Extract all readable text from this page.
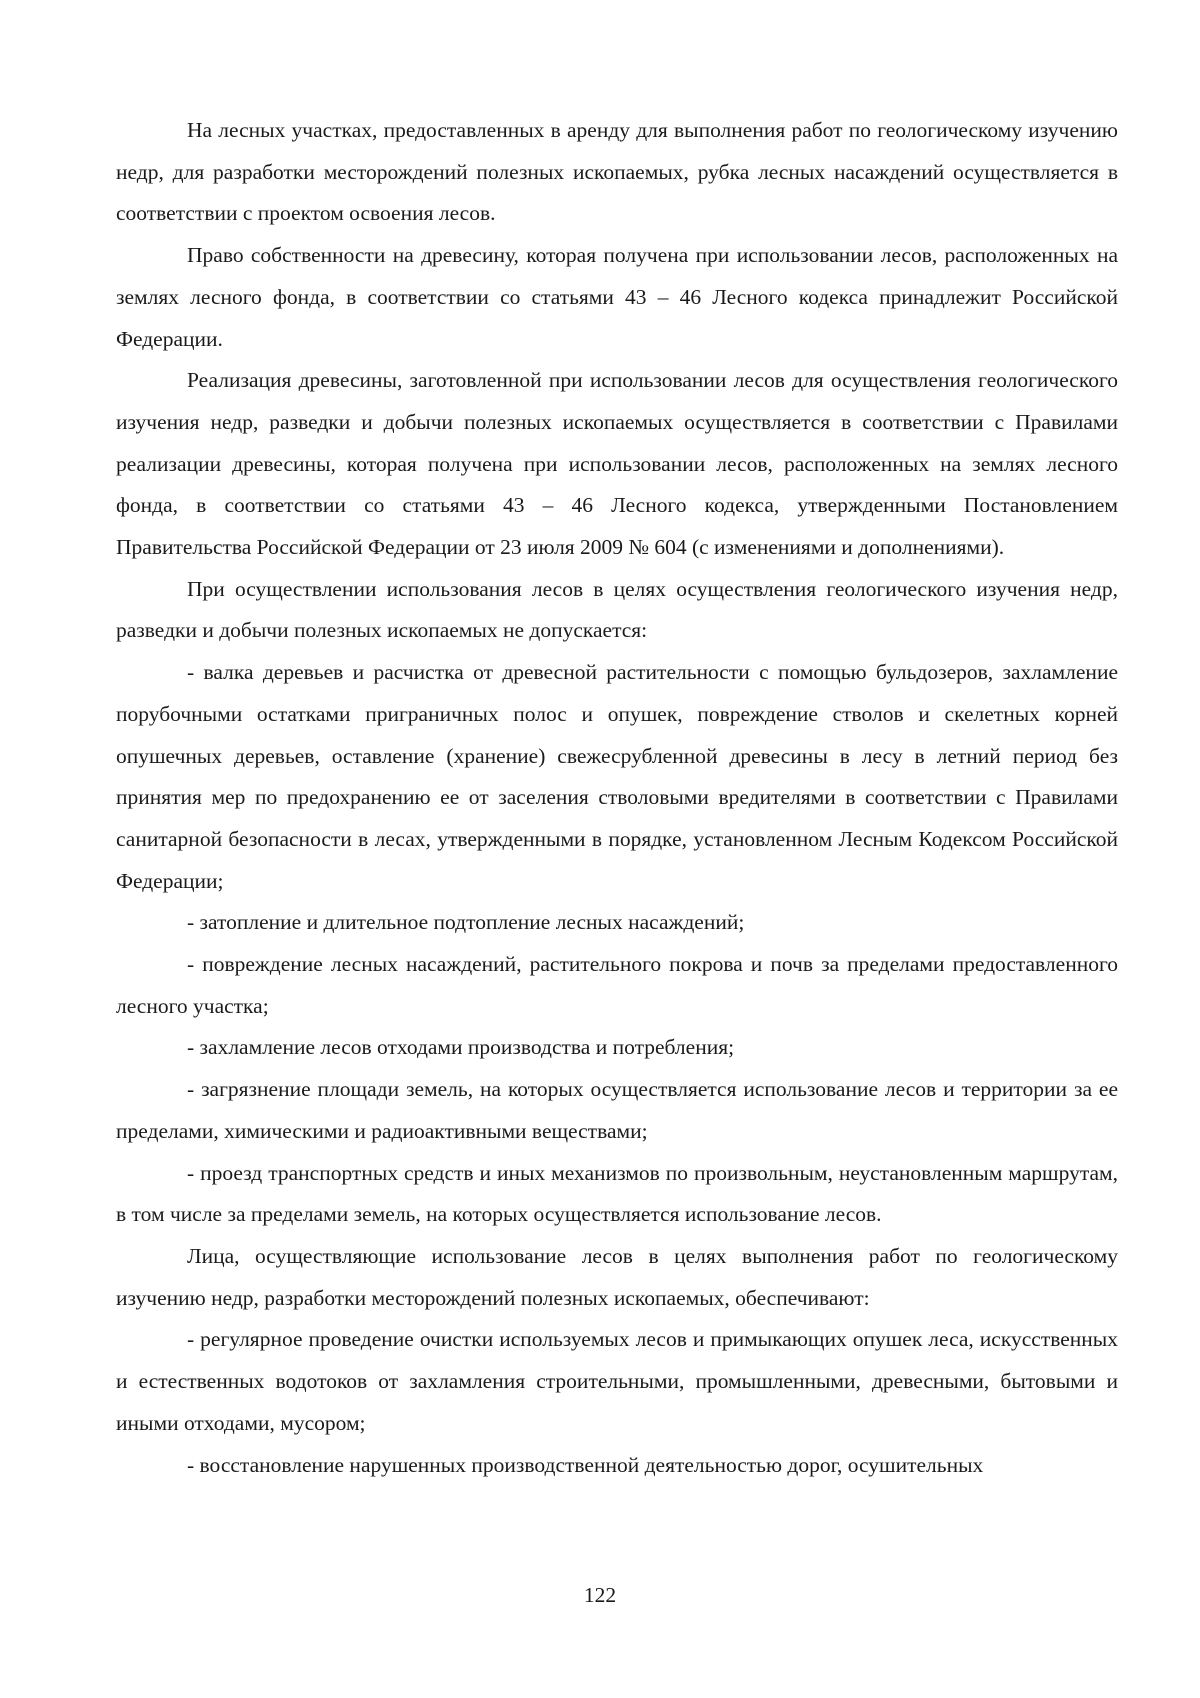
На лесных участках, предоставленных в аренду для выполнения работ по геологическому изучению недр, для разработки месторождений полезных ископаемых, рубка лесных насаждений осуществляется в соответствии с проектом освоения лесов.

Право собственности на древесину, которая получена при использовании лесов, расположенных на землях лесного фонда, в соответствии со статьями 43 – 46 Лесного кодекса принадлежит Российской Федерации.

Реализация древесины, заготовленной при использовании лесов для осуществления геологического изучения недр, разведки и добычи полезных ископаемых осуществляется в соответствии с Правилами реализации древесины, которая получена при использовании лесов, расположенных на землях лесного фонда, в соответствии со статьями 43 – 46 Лесного кодекса, утвержденными Постановлением Правительства Российской Федерации от 23 июля 2009 № 604 (с изменениями и дополнениями).

При осуществлении использования лесов в целях осуществления геологического изучения недр, разведки и добычи полезных ископаемых не допускается:

- валка деревьев и расчистка от древесной растительности с помощью бульдозеров, захламление порубочными остатками приграничных полос и опушек, повреждение стволов и скелетных корней опушечных деревьев, оставление (хранение) свежесрубленной древесины в лесу в летний период без принятия мер по предохранению ее от заселения стволовыми вредителями в соответствии с Правилами санитарной безопасности в лесах, утвержденными в порядке, установленном Лесным Кодексом Российской Федерации;

- затопление и длительное подтопление лесных насаждений;

- повреждение лесных насаждений, растительного покрова и почв за пределами предоставленного лесного участка;

- захламление лесов отходами производства и потребления;

- загрязнение площади земель, на которых осуществляется использование лесов и территории за ее пределами, химическими и радиоактивными веществами;

- проезд транспортных средств и иных механизмов по произвольным, неустановленным маршрутам, в том числе за пределами земель, на которых осуществляется использование лесов.

Лица, осуществляющие использование лесов в целях выполнения работ по геологическому изучению недр, разработки месторождений полезных ископаемых, обеспечивают:

- регулярное проведение очистки используемых лесов и примыкающих опушек леса, искусственных и естественных водотоков от захламления строительными, промышленными, древесными, бытовыми и иными отходами, мусором;

- восстановление нарушенных производственной деятельностью дорог, осушительных

122
